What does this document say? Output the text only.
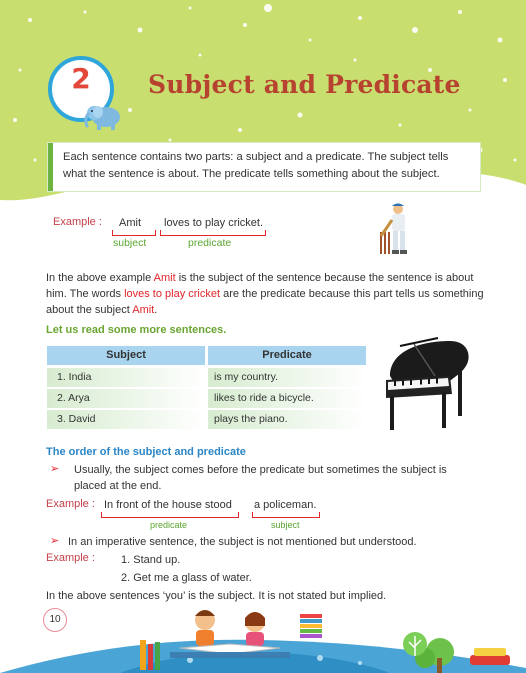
2	Subject and Predicate
Each sentence contains two parts: a subject and a predicate. The subject tells what the sentence is about. The predicate tells something about the subject.
Example : Amit loves to play cricket.
subject	predicate
In the above example Amit is the subject of the sentence because the sentence is about
him. The words loves to play cricket are the predicate because this part tells us something
about the subject Amit.
Let us read some more sentences.
Subject	Predicate
1. India	is my country.
2. Arya	likes to ride a bicycle.
3. David	plays the piano.
The order of the subject and predicate
➢ Usually, the subject comes before the predicate but sometimes the subject is
placed at the end.
Example : In front of the house stood a policeman.
predicate	subject
➢ In an imperative sentence, the subject is not mentioned but understood.
Example : 1. Stand up.
2. Get me a glass of water.
In the above sentences ‘you’ is the subject. It is not stated but implied.
10
